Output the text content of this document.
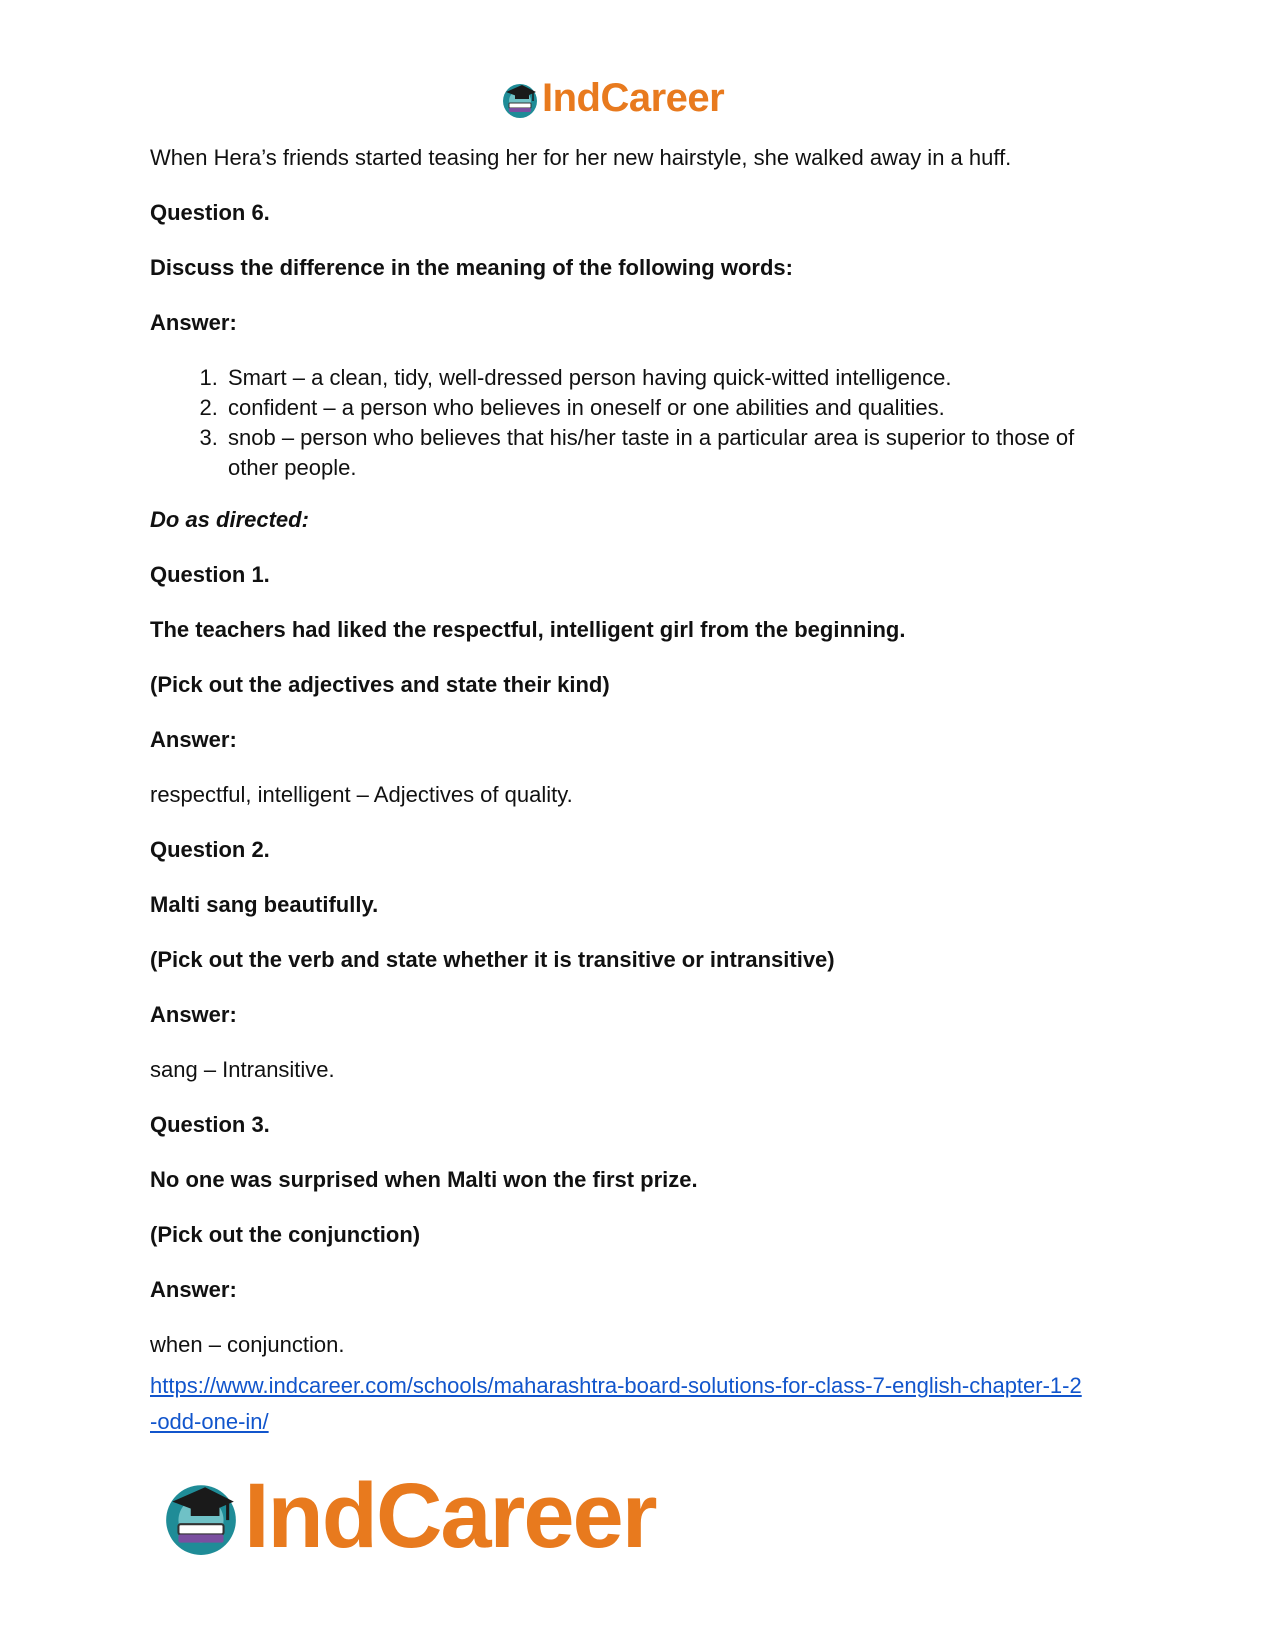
IndCareer

When Hera’s friends started teasing her for her new hairstyle, she walked away in a huff.

Question 6.

Discuss the difference in the meaning of the following words:

Answer:

1. Smart – a clean, tidy, well-dressed person having quick-witted intelligence.
2. confident – a person who believes in oneself or one abilities and qualities.
3. snob – person who believes that his/her taste in a particular area is superior to those of other people.

Do as directed:

Question 1.

The teachers had liked the respectful, intelligent girl from the beginning.

(Pick out the adjectives and state their kind)

Answer:

respectful, intelligent – Adjectives of quality.

Question 2.

Malti sang beautifully.

(Pick out the verb and state whether it is transitive or intransitive)

Answer:

sang – Intransitive.

Question 3.

No one was surprised when Malti won the first prize.

(Pick out the conjunction)

Answer:

when – conjunction.

https://www.indcareer.com/schools/maharashtra-board-solutions-for-class-7-english-chapter-1-2
-odd-one-in/
IndCareer
